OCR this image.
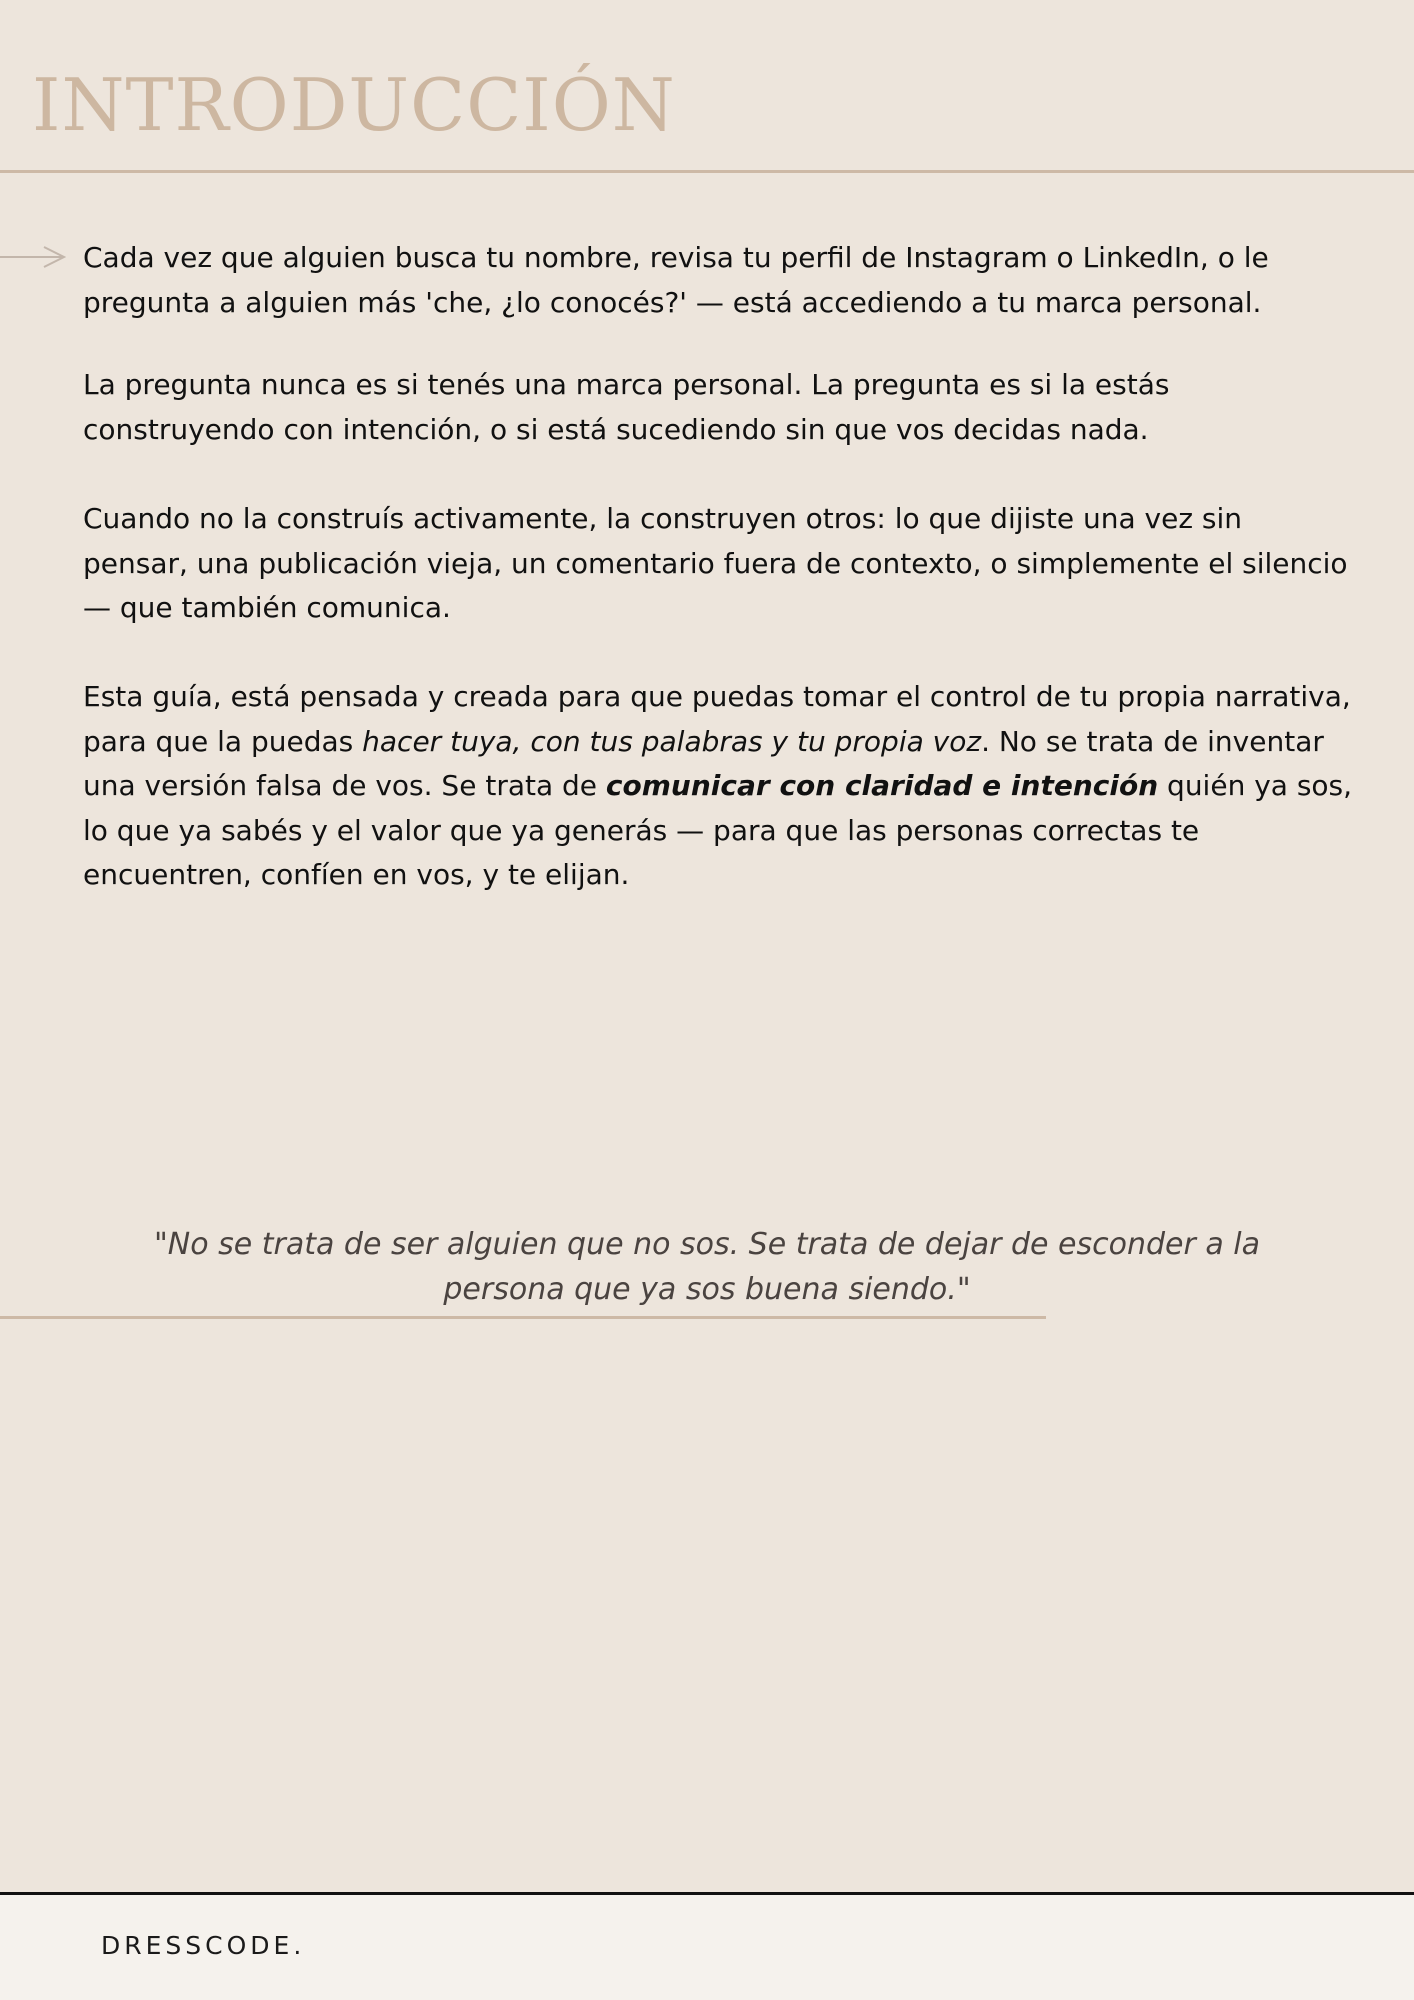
INTRODUCCIÓN

Cada vez que alguien busca tu nombre, revisa tu perfil de Instagram o LinkedIn, o le pregunta a alguien más 'che, ¿lo conocés?' — está accediendo a tu marca personal.

La pregunta nunca es si tenés una marca personal. La pregunta es si la estás construyendo con intención, o si está sucediendo sin que vos decidas nada.

Cuando no la construís activamente, la construyen otros: lo que dijiste una vez sin pensar, una publicación vieja, un comentario fuera de contexto, o simplemente el silencio — que también comunica.

Esta guía, está pensada y creada para que puedas tomar el control de tu propia narrativa, para que la puedas hacer tuya, con tus palabras y tu propia voz. No se trata de inventar una versión falsa de vos. Se trata de comunicar con claridad e intención quién ya sos, lo que ya sabés y el valor que ya generás — para que las personas correctas te encuentren, confíen en vos, y te elijan.

"No se trata de ser alguien que no sos. Se trata de dejar de esconder a la persona que ya sos buena siendo."

DRESSCODE.
